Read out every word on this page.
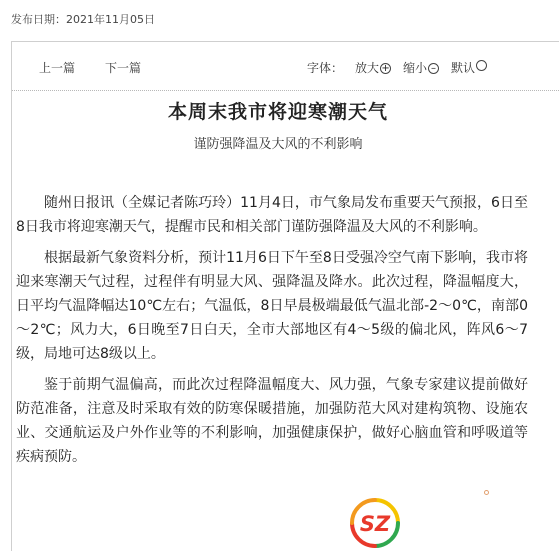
发布日期：2021年11月05日
上一篇 下一篇	字体： 放大 + 缩小 – 默认
本周末我市将迎寒潮天气
谨防强降温及大风的不利影响

随州日报讯（全媒记者陈巧玲）11月4日，市气象局发布重要天气预报，6日至8日我市将迎寒潮天气，提醒市民和相关部门谨防强降温及大风的不利影响。

根据最新气象资料分析，预计11月6日下午至8日受强冷空气南下影响，我市将迎来寒潮天气过程，过程伴有明显大风、强降温及降水。此次过程，降温幅度大，日平均气温降幅达10℃左右；气温低，8日早晨极端最低气温北部-2～0℃，南部0～2℃；风力大，6日晚至7日白天，全市大部地区有4～5级的偏北风，阵风6～7级，局地可达8级以上。

鉴于前期气温偏高，而此次过程降温幅度大、风力强，气象专家建议提前做好防范准备，注意及时采取有效的防寒保暖措施，加强防范大风对建构筑物、设施农业、交通航运及户外作业等的不利影响，加强健康保护，做好心脑血管和呼吸道等疾病预防。

SZ
